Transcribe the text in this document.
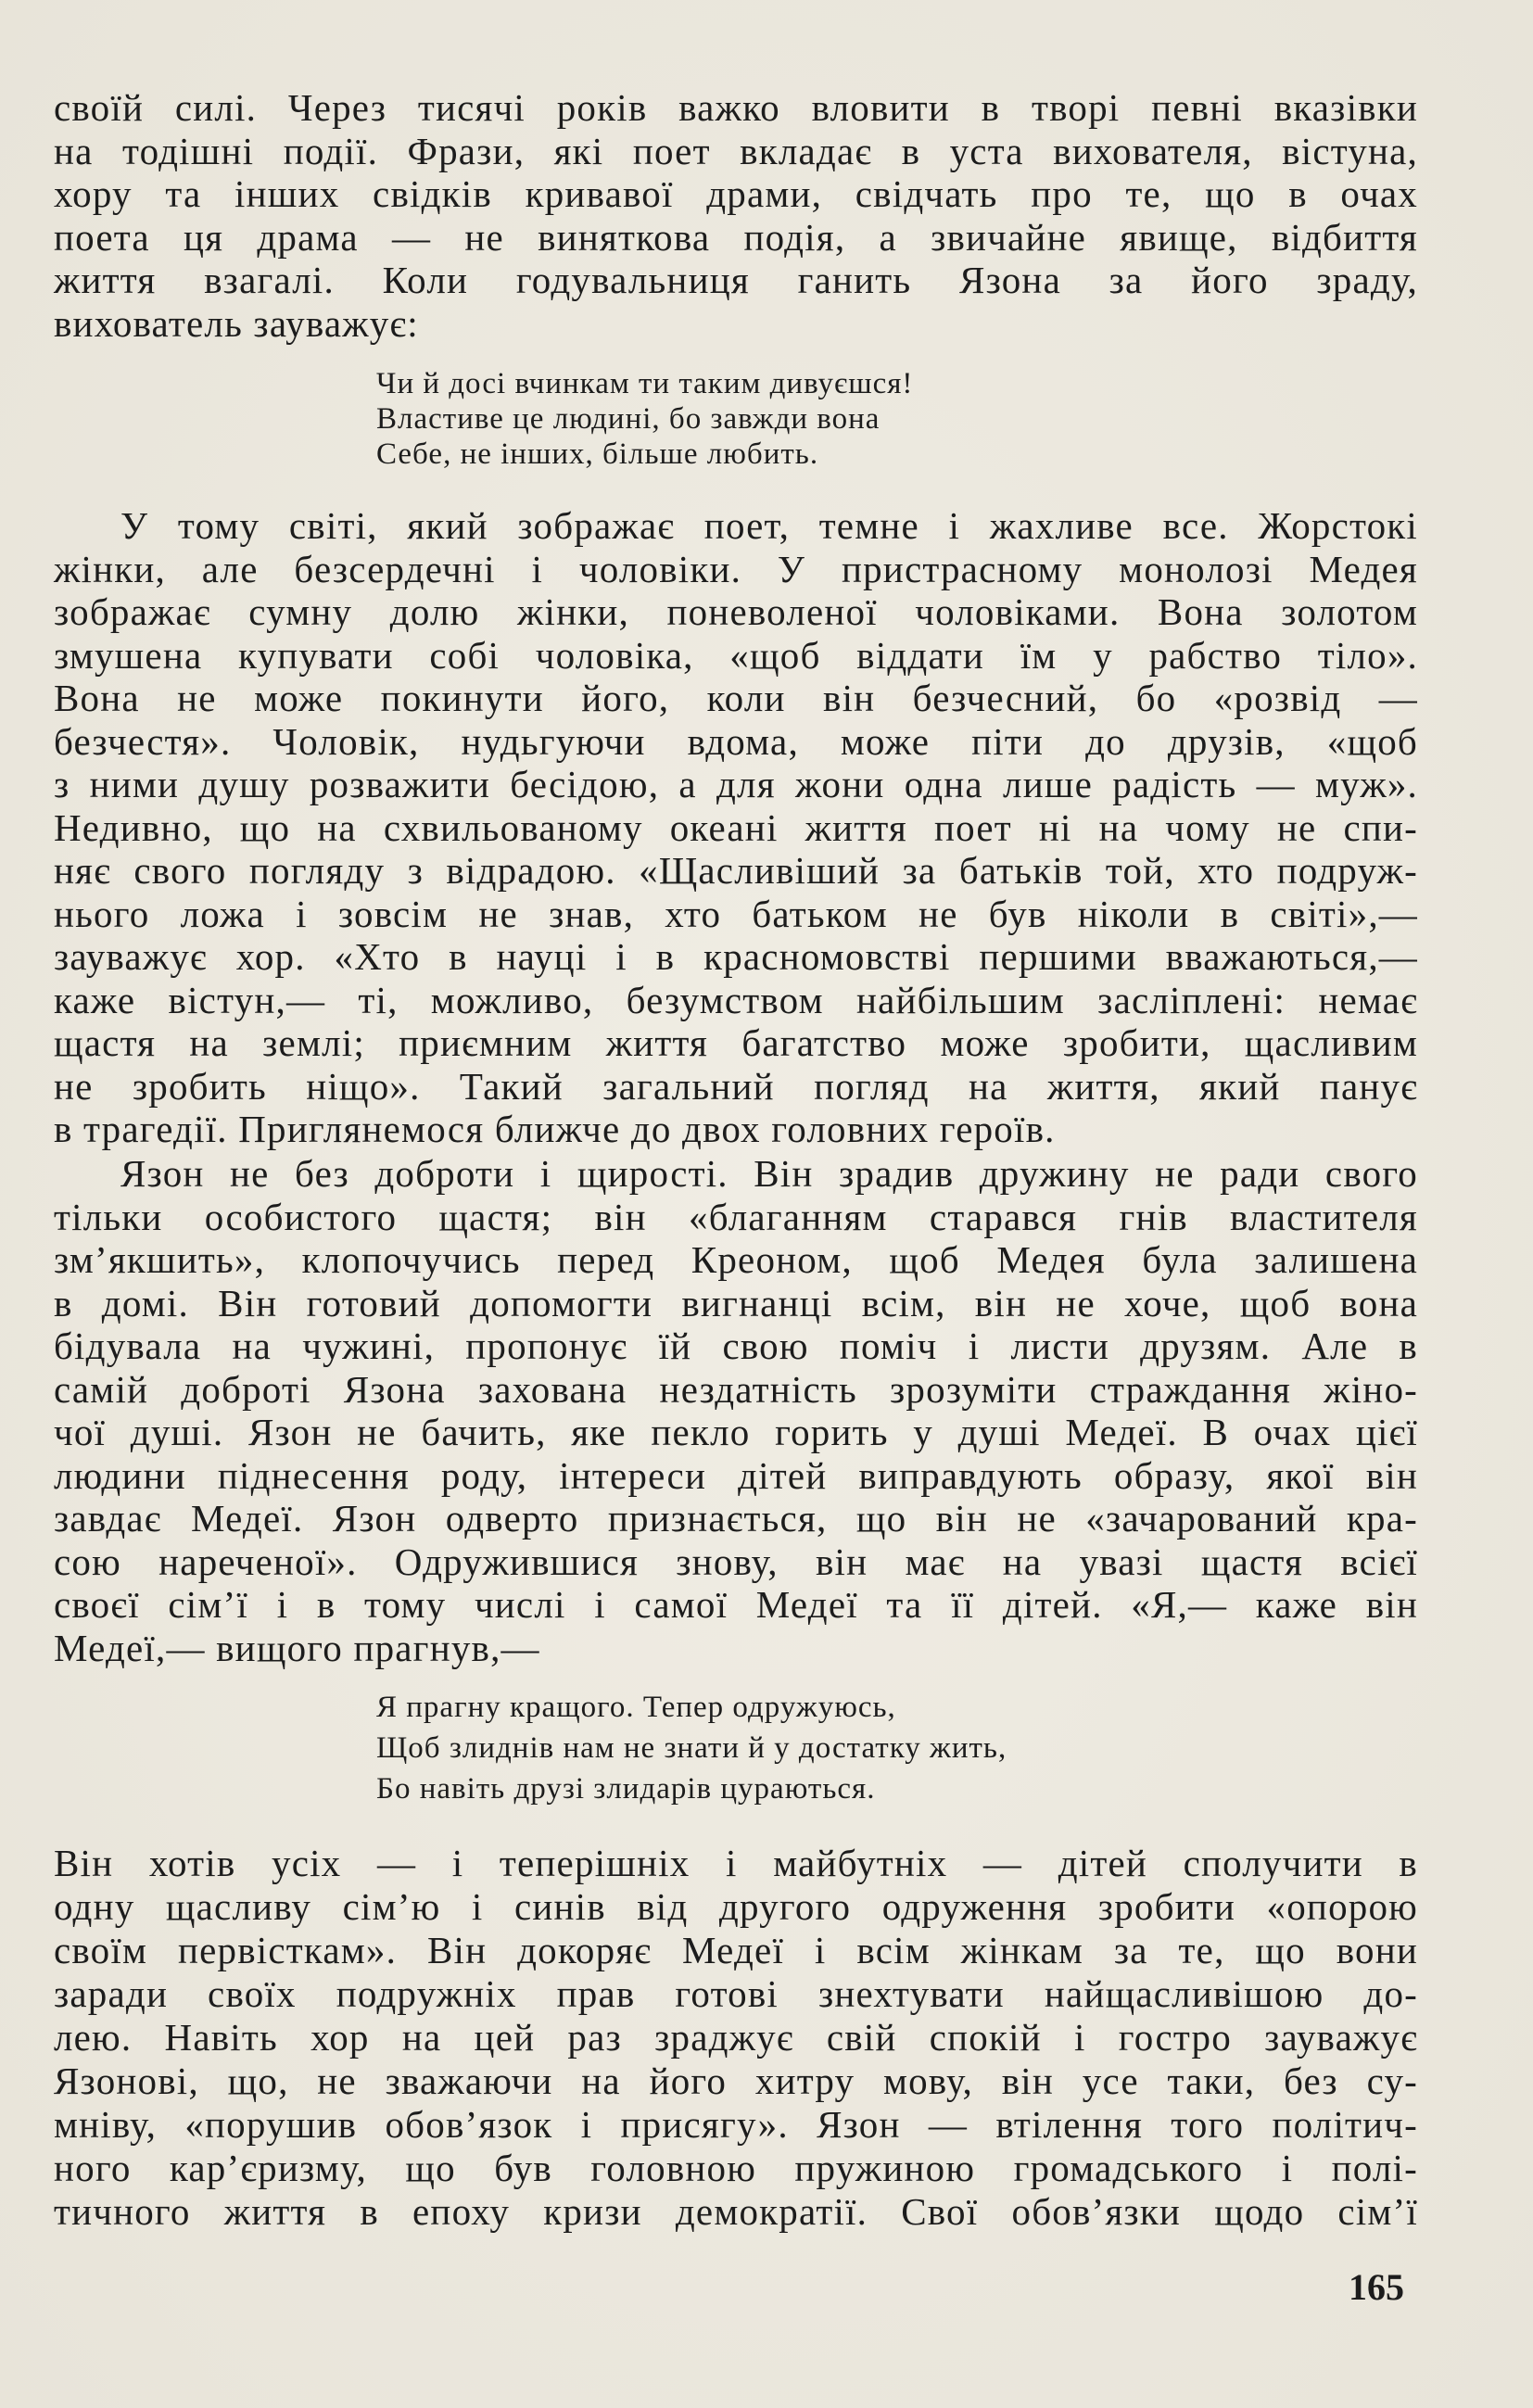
своїй силі. Через тисячі років важко вловити в творі певні вказівки
на тодішні події. Фрази, які поет вкладає в уста вихователя, вістуна,
хору та інших свідків кривавої драми, свідчать про те, що в очах
поета ця драма — не виняткова подія, а звичайне явище, відбиття
життя взагалі. Коли годувальниця ганить Язона за його зраду,
вихователь зауважує:
Чи й досі вчинкам ти таким дивуєшся!
Властиве це людині, бо завжди вона
Себе, не інших, більше любить.
У тому світі, який зображає поет, темне і жахливе все. Жорстокі
жінки, але безсердечні і чоловіки. У пристрасному монолозі Медея
зображає сумну долю жінки, поневоленої чоловіками. Вона золотом
змушена купувати собі чоловіка, «щоб віддати їм у рабство тіло».
Вона не може покинути його, коли він безчесний, бо «розвід —
безчестя». Чоловік, нудьгуючи вдома, може піти до друзів, «щоб
з ними душу розважити бесідою, а для жони одна лише радість — муж».
Недивно, що на схвильованому океані життя поет ні на чому не спи-
няє свого погляду з відрадою. «Щасливіший за батьків той, хто подруж-
нього ложа і зовсім не знав, хто батьком не був ніколи в світі»,—
зауважує хор. «Хто в науці і в красномовстві першими вважаються,—
каже вістун,— ті, можливо, безумством найбільшим засліплені: немає
щастя на землі; приємним життя багатство може зробити, щасливим
не зробить ніщо». Такий загальний погляд на життя, який панує
в трагедії. Приглянемося ближче до двох головних героїв.
Язон не без доброти і щирості. Він зрадив дружину не ради свого
тільки особистого щастя; він «благанням старався гнів властителя
зм’якшить», клопочучись перед Креоном, щоб Медея була залишена
в домі. Він готовий допомогти вигнанці всім, він не хоче, щоб вона
бідувала на чужині, пропонує їй свою поміч і листи друзям. Але в
самій доброті Язона захована нездатність зрозуміти страждання жіно-
чої душі. Язон не бачить, яке пекло горить у душі Медеї. В очах цієї
людини піднесення роду, інтереси дітей виправдують образу, якої він
завдає Медеї. Язон одверто признається, що він не «зачарований кра-
сою нареченої». Одружившися знову, він має на увазі щастя всієї
своєї сім’ї і в тому числі і самої Медеї та її дітей. «Я,— каже він
Медеї,— вищого прагнув,—
Я прагну кращого. Тепер одружуюсь,
Щоб злиднів нам не знати й у достатку жить,
Бо навіть друзі злидарів цураються.
Він хотів усіх — і теперішніх і майбутніх — дітей сполучити в
одну щасливу сім’ю і синів від другого одруження зробити «опорою
своїм первісткам». Він докоряє Медеї і всім жінкам за те, що вони
заради своїх подружніх прав готові знехтувати найщасливішою до-
лею. Навіть хор на цей раз зраджує свій спокій і гостро зауважує
Язонові, що, не зважаючи на його хитру мову, він усе таки, без су-
мніву, «порушив обов’язок і присягу». Язон — втілення того політич-
ного кар’єризму, що був головною пружиною громадського і полі-
тичного життя в епоху кризи демократії. Свої обов’язки щодо сім’ї
165
